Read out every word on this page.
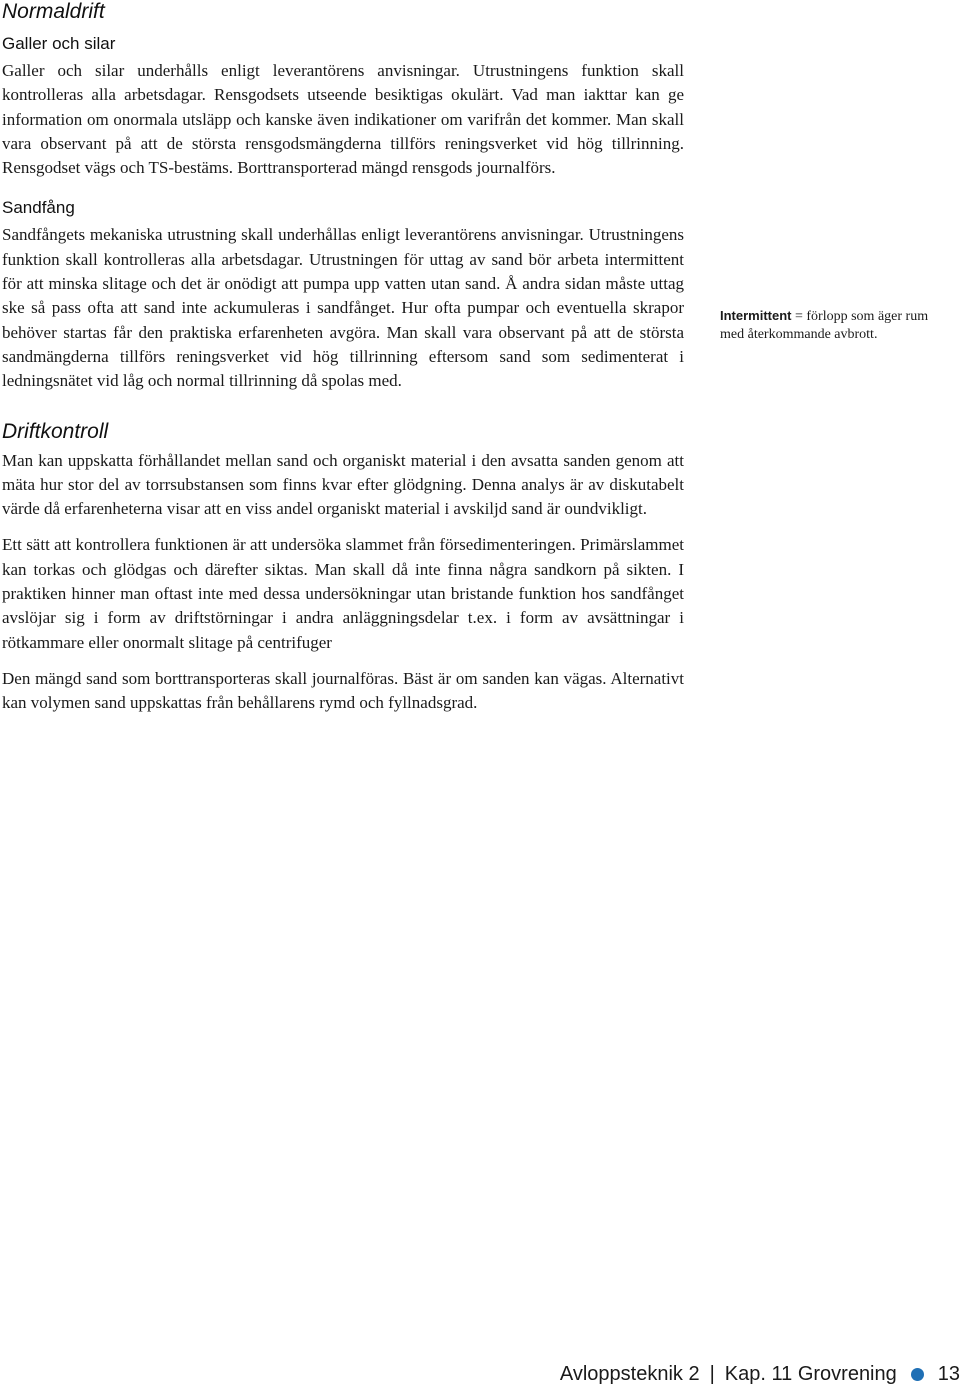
Normaldrift
Galler och silar

Galler och silar underhålls enligt leverantörens anvisningar. Utrustningens funktion skall kontrolleras alla arbetsdagar. Rensgodsets utseende besiktigas okulärt. Vad man iakttar kan ge information om onormala utsläpp och kanske även indikationer om varifrån det kommer. Man skall vara observant på att de största rensgodsmängderna tillförs reningsverket vid hög tillrinning. Rensgodset vägs och TS-bestäms. Borttransporterad mängd rensgods journalförs.

Sandfång

Sandfångets mekaniska utrustning skall underhållas enligt leverantörens anvisningar. Utrustningens funktion skall kontrolleras alla arbetsdagar. Utrustningen för uttag av sand bör arbeta intermittent för att minska slitage och det är onödigt att pumpa upp vatten utan sand. Å andra sidan måste uttag ske så pass ofta att sand inte ackumuleras i sandfånget. Hur ofta pumpar och eventuella skrapor behöver startas får den praktiska erfarenheten avgöra. Man skall vara observant på att de största sandmängderna tillförs reningsverket vid hög tillrinning eftersom sand som sedimenterat i ledningsnätet vid låg och normal tillrinning då spolas med.

Driftkontroll

Man kan uppskatta förhållandet mellan sand och organiskt material i den avsatta sanden genom att mäta hur stor del av torrsubstansen som finns kvar efter glödgning. Denna analys är av diskutabelt värde då erfarenheterna visar att en viss andel organiskt material i avskiljd sand är oundvikligt.

Ett sätt att kontrollera funktionen är att undersöka slammet från försedimenteringen. Primärslammet kan torkas och glödgas och därefter siktas. Man skall då inte finna några sandkorn på sikten. I praktiken hinner man oftast inte med dessa undersökningar utan bristande funktion hos sandfånget avslöjar sig i form av driftstörningar i andra anläggningsdelar t.ex. i form av avsättningar i rötkammare eller onormalt slitage på centrifuger

Den mängd sand som borttransporteras skall journalföras. Bäst är om sanden kan vägas. Alternativt kan volymen sand uppskattas från behållarens rymd och fyllnadsgrad.

Intermittent = förlopp som äger rum med återkommande avbrott.
Avloppsteknik 2 | Kap. 11 Grovrening 13
